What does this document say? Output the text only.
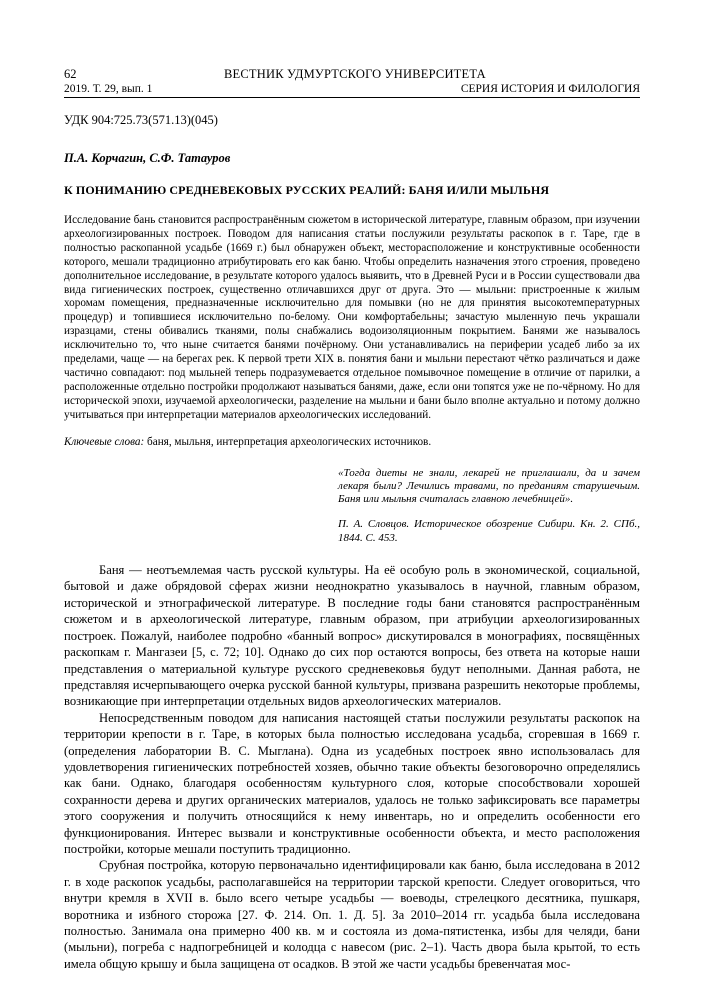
62	ВЕСТНИК УДМУРТСКОГО УНИВЕРСИТЕТА
2019. Т. 29, вып. 1	СЕРИЯ ИСТОРИЯ И ФИЛОЛОГИЯ
УДК 904:725.73(571.13)(045)
П.А. Корчагин, С.Ф. Татауров
К ПОНИМАНИЮ СРЕДНЕВЕКОВЫХ РУССКИХ РЕАЛИЙ: БАНЯ И/ИЛИ МЫЛЬНЯ
Исследование бань становится распространённым сюжетом в исторической литературе, главным образом, при изучении археологизированных построек. Поводом для написания статьи послужили результаты раскопок в г. Таре, где в полностью раскопанной усадьбе (1669 г.) был обнаружен объект, месторасположение и конструктивные особенности которого, мешали традиционно атрибутировать его как баню. Чтобы определить назначения этого строения, проведено дополнительное исследование, в результате которого удалось выявить, что в Древней Руси и в России существовали два вида гигиенических построек, существенно отличавшихся друг от друга. Это — мыльни: пристроенные к жилым хоромам помещения, предназначенные исключительно для помывки (но не для принятия высокотемпературных процедур) и топившиеся исключительно по-белому. Они комфортабельны; зачастую мыленную печь украшали изразцами, стены обивались тканями, полы снабжались водоизоляционным покрытием. Банями же называлось исключительно то, что ныне считается банями почёрному. Они устанавливались на периферии усадеб либо за их пределами, чаще — на берегах рек. К первой трети XIX в. понятия бани и мыльни перестают чётко различаться и даже частично совпадают: под мыльней теперь подразумевается отдельное помывочное помещение в отличие от парилки, а расположенные отдельно постройки продолжают называться банями, даже, если они топятся уже не по-чёрному. Но для исторической эпохи, изучаемой археологически, разделение на мыльни и бани было вполне актуально и потому должно учитываться при интерпретации материалов археологических исследований.
Ключевые слова: баня, мыльня, интерпретация археологических источников.
«Тогда диеты не знали, лекарей не приглашали, да и зачем лекаря были? Лечились травами, по преданиям старушечьим. Баня или мыльня считалась главною лечебницей».
П. А. Словцов. Историческое обозрение Сибири. Кн. 2. СПб., 1844. С. 453.

Баня — неотъемлемая часть русской культуры. На её особую роль в экономической, социальной, бытовой и даже обрядовой сферах жизни неоднократно указывалось в научной, главным образом, исторической и этнографической литературе. В последние годы бани становятся распространённым сюжетом и в археологической литературе, главным образом, при атрибуции археологизированных построек. Пожалуй, наиболее подробно «банный вопрос» дискутировался в монографиях, посвящённых раскопкам г. Мангазеи [5, с. 72; 10]. Однако до сих пор остаются вопросы, без ответа на которые наши представления о материальной культуре русского средневековья будут неполными. Данная работа, не представляя исчерпывающего очерка русской банной культуры, призвана разрешить некоторые проблемы, возникающие при интерпретации отдельных видов археологических материалов.

Непосредственным поводом для написания настоящей статьи послужили результаты раскопок на территории крепости в г. Таре, в которых была полностью исследована усадьба, сгоревшая в 1669 г. (определения лаборатории В. С. Мыглана). Одна из усадебных построек явно использовалась для удовлетворения гигиенических потребностей хозяев, обычно такие объекты безоговорочно определялись как бани. Однако, благодаря особенностям культурного слоя, которые способствовали хорошей сохранности дерева и других органических материалов, удалось не только зафиксировать все параметры этого сооружения и получить относящийся к нему инвентарь, но и определить особенности его функционирования. Интерес вызвали и конструктивные особенности объекта, и место расположения постройки, которые мешали поступить традиционно.

Срубная постройка, которую первоначально идентифицировали как баню, была исследована в 2012 г. в ходе раскопок усадьбы, располагавшейся на территории тарской крепости. Следует оговориться, что внутри кремля в XVII в. было всего четыре усадьбы — воеводы, стрелецкого десятника, пушкаря, воротника и избного сторожа [27. Ф. 214. Оп. 1. Д. 5]. За 2010–2014 гг. усадьба была исследована полностью. Занимала она примерно 400 кв. м и состояла из дома-пятистенка, избы для челяди, бани (мыльни), погреба с надпогребницей и колодца с навесом (рис. 2–1). Часть двора была крытой, то есть имела общую крышу и была защищена от осадков. В этой же части усадьбы бревенчатая мос-
